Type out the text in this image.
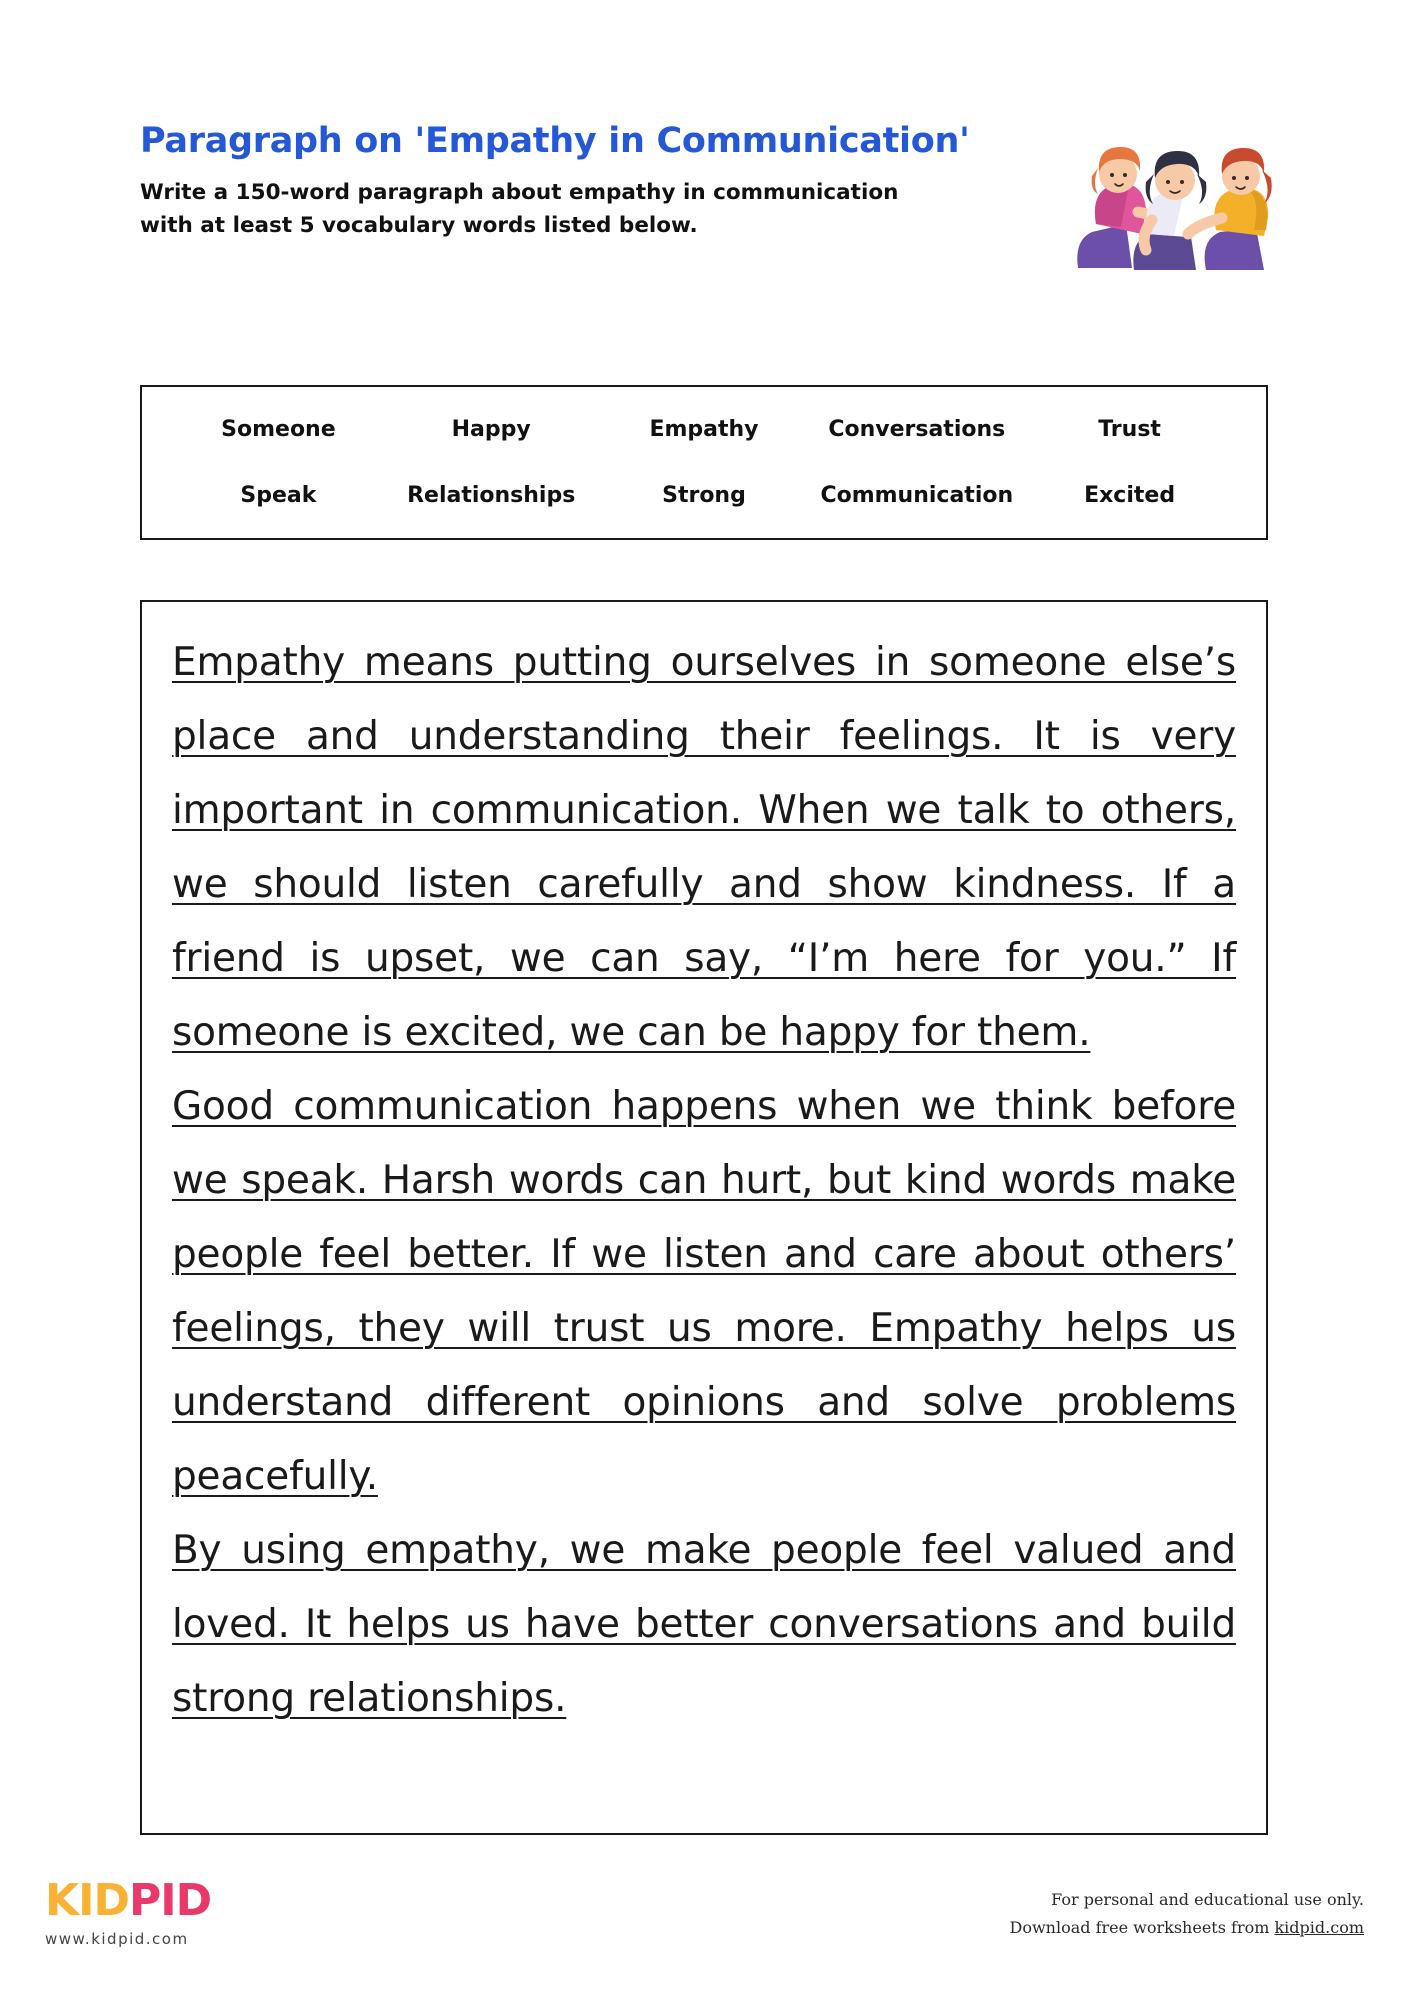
Paragraph on 'Empathy in Communication'

Write a 150-word paragraph about empathy in communication
with at least 5 vocabulary words listed below.

Someone	Happy	Empathy	Conversations	Trust
Speak	Relationships	Strong	Communication	Excited

Empathy means putting ourselves in someone else’s place and understanding their feelings. It is very important in communication. When we talk to others, we should listen carefully and show kindness. If a friend is upset, we can say, “I’m here for you.” If someone is excited, we can be happy for them.

Good communication happens when we think before we speak. Harsh words can hurt, but kind words make people feel better. If we listen and care about others’ feelings, they will trust us more. Empathy helps us understand different opinions and solve problems peacefully.

By using empathy, we make people feel valued and loved. It helps us have better conversations and build strong relationships.

KIDPID
www.kidpid.com
For personal and educational use only.
Download free worksheets from kidpid.com
